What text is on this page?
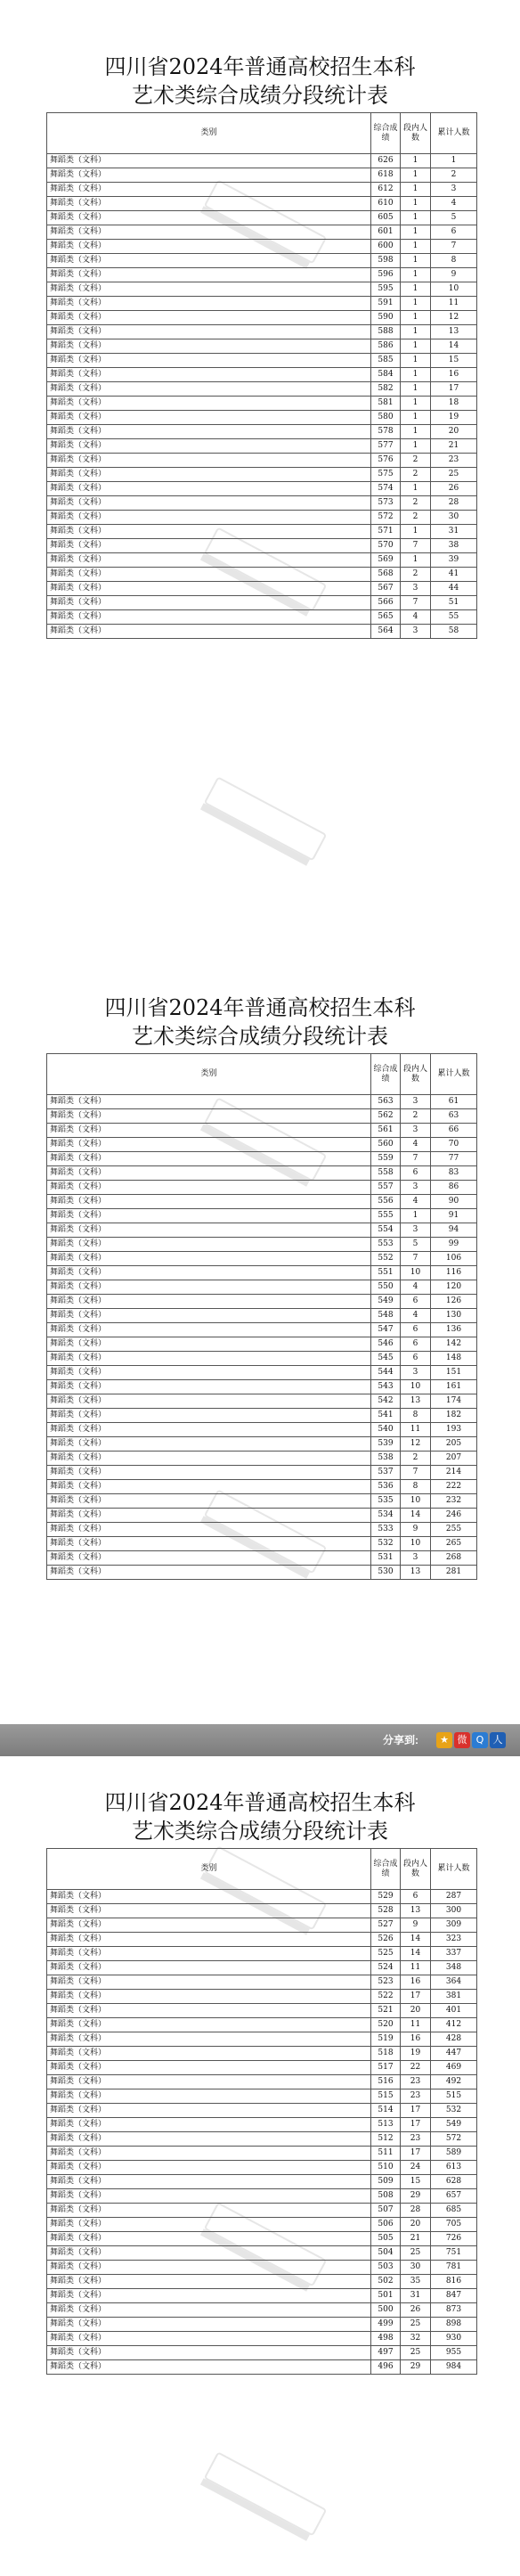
四川省2024年普通高校招生本科
艺术类综合成绩分段统计表
类别	综合成绩	段内人数	累计人数
舞蹈类（文科）	626	1	1
舞蹈类（文科）	618	1	2
舞蹈类（文科）	612	1	3
舞蹈类（文科）	610	1	4
舞蹈类（文科）	605	1	5
舞蹈类（文科）	601	1	6
舞蹈类（文科）	600	1	7
舞蹈类（文科）	598	1	8
舞蹈类（文科）	596	1	9
舞蹈类（文科）	595	1	10
舞蹈类（文科）	591	1	11
舞蹈类（文科）	590	1	12
舞蹈类（文科）	588	1	13
舞蹈类（文科）	586	1	14
舞蹈类（文科）	585	1	15
舞蹈类（文科）	584	1	16
舞蹈类（文科）	582	1	17
舞蹈类（文科）	581	1	18
舞蹈类（文科）	580	1	19
舞蹈类（文科）	578	1	20
舞蹈类（文科）	577	1	21
舞蹈类（文科）	576	2	23
舞蹈类（文科）	575	2	25
舞蹈类（文科）	574	1	26
舞蹈类（文科）	573	2	28
舞蹈类（文科）	572	2	30
舞蹈类（文科）	571	1	31
舞蹈类（文科）	570	7	38
舞蹈类（文科）	569	1	39
舞蹈类（文科）	568	2	41
舞蹈类（文科）	567	3	44
舞蹈类（文科）	566	7	51
舞蹈类（文科）	565	4	55
舞蹈类（文科）	564	3	58
四川省2024年普通高校招生本科
艺术类综合成绩分段统计表
类别	综合成绩	段内人数	累计人数
舞蹈类（文科）	563	3	61
舞蹈类（文科）	562	2	63
舞蹈类（文科）	561	3	66
舞蹈类（文科）	560	4	70
舞蹈类（文科）	559	7	77
舞蹈类（文科）	558	6	83
舞蹈类（文科）	557	3	86
舞蹈类（文科）	556	4	90
舞蹈类（文科）	555	1	91
舞蹈类（文科）	554	3	94
舞蹈类（文科）	553	5	99
舞蹈类（文科）	552	7	106
舞蹈类（文科）	551	10	116
舞蹈类（文科）	550	4	120
舞蹈类（文科）	549	6	126
舞蹈类（文科）	548	4	130
舞蹈类（文科）	547	6	136
舞蹈类（文科）	546	6	142
舞蹈类（文科）	545	6	148
舞蹈类（文科）	544	3	151
舞蹈类（文科）	543	10	161
舞蹈类（文科）	542	13	174
舞蹈类（文科）	541	8	182
舞蹈类（文科）	540	11	193
舞蹈类（文科）	539	12	205
舞蹈类（文科）	538	2	207
舞蹈类（文科）	537	7	214
舞蹈类（文科）	536	8	222
舞蹈类（文科）	535	10	232
舞蹈类（文科）	534	14	246
舞蹈类（文科）	533	9	255
舞蹈类（文科）	532	10	265
舞蹈类（文科）	531	3	268
舞蹈类（文科）	530	13	281
四川省2024年普通高校招生本科
艺术类综合成绩分段统计表
类别	综合成绩	段内人数	累计人数
舞蹈类（文科）	529	6	287
舞蹈类（文科）	528	13	300
舞蹈类（文科）	527	9	309
舞蹈类（文科）	526	14	323
舞蹈类（文科）	525	14	337
舞蹈类（文科）	524	11	348
舞蹈类（文科）	523	16	364
舞蹈类（文科）	522	17	381
舞蹈类（文科）	521	20	401
舞蹈类（文科）	520	11	412
舞蹈类（文科）	519	16	428
舞蹈类（文科）	518	19	447
舞蹈类（文科）	517	22	469
舞蹈类（文科）	516	23	492
舞蹈类（文科）	515	23	515
舞蹈类（文科）	514	17	532
舞蹈类（文科）	513	17	549
舞蹈类（文科）	512	23	572
舞蹈类（文科）	511	17	589
舞蹈类（文科）	510	24	613
舞蹈类（文科）	509	15	628
舞蹈类（文科）	508	29	657
舞蹈类（文科）	507	28	685
舞蹈类（文科）	506	20	705
舞蹈类（文科）	505	21	726
舞蹈类（文科）	504	25	751
舞蹈类（文科）	503	30	781
舞蹈类（文科）	502	35	816
舞蹈类（文科）	501	31	847
舞蹈类（文科）	500	26	873
舞蹈类（文科）	499	25	898
舞蹈类（文科）	498	32	930
舞蹈类（文科）	497	25	955
舞蹈类（文科）	496	29	984
分享到:	★ 微 Q 人
